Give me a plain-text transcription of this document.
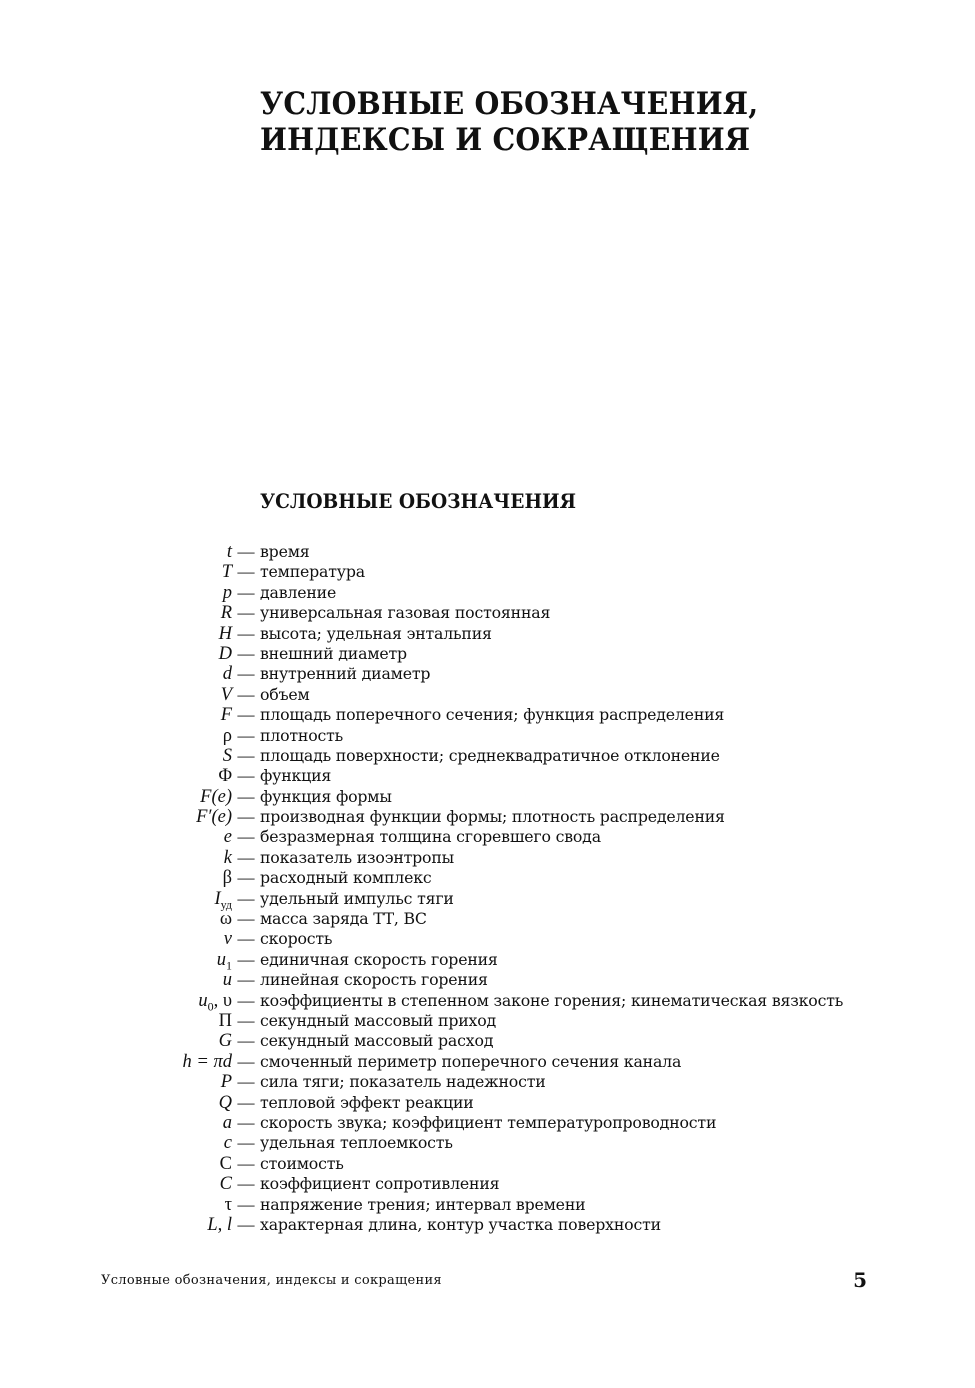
УСЛОВНЫЕ ОБОЗНАЧЕНИЯ,
ИНДЕКСЫ И СОКРАЩЕНИЯ
УСЛОВНЫЕ ОБОЗНАЧЕНИЯ
t — время
T — температура
p — давление
R — универсальная газовая постоянная
H — высота; удельная энтальпия
D — внешний диаметр
d — внутренний диаметр
V — объем
F — площадь поперечного сечения; функция распределения
ρ — плотность
S — площадь поверхности; среднеквадратичное отклонение
Φ — функция
F(e) — функция формы
F′(e) — производная функции формы; плотность распределения
e — безразмерная толщина сгоревшего свода
k — показатель изоэнтропы
β — расходный комплекс
$I_{уд}$ — удельный импульс тяги
ω — масса заряда ТТ, ВС
v — скорость
$u_1$ — единичная скорость горения
u — линейная скорость горения
$u_0$, υ — коэффициенты в степенном законе горения; кинематическая вязкость
Π — секундный массовый приход
G — секундный массовый расход
h = πd — смоченный периметр поперечного сечения канала
P — сила тяги; показатель надежности
Q — тепловой эффект реакции
a — скорость звука; коэффициент температуропроводности
c — удельная теплоемкость
С — стоимость
C — коэффициент сопротивления
τ — напряжение трения; интервал времени
L, l — характерная длина, контур участка поверхности
Условные обозначения, индексы и сокращения	5
